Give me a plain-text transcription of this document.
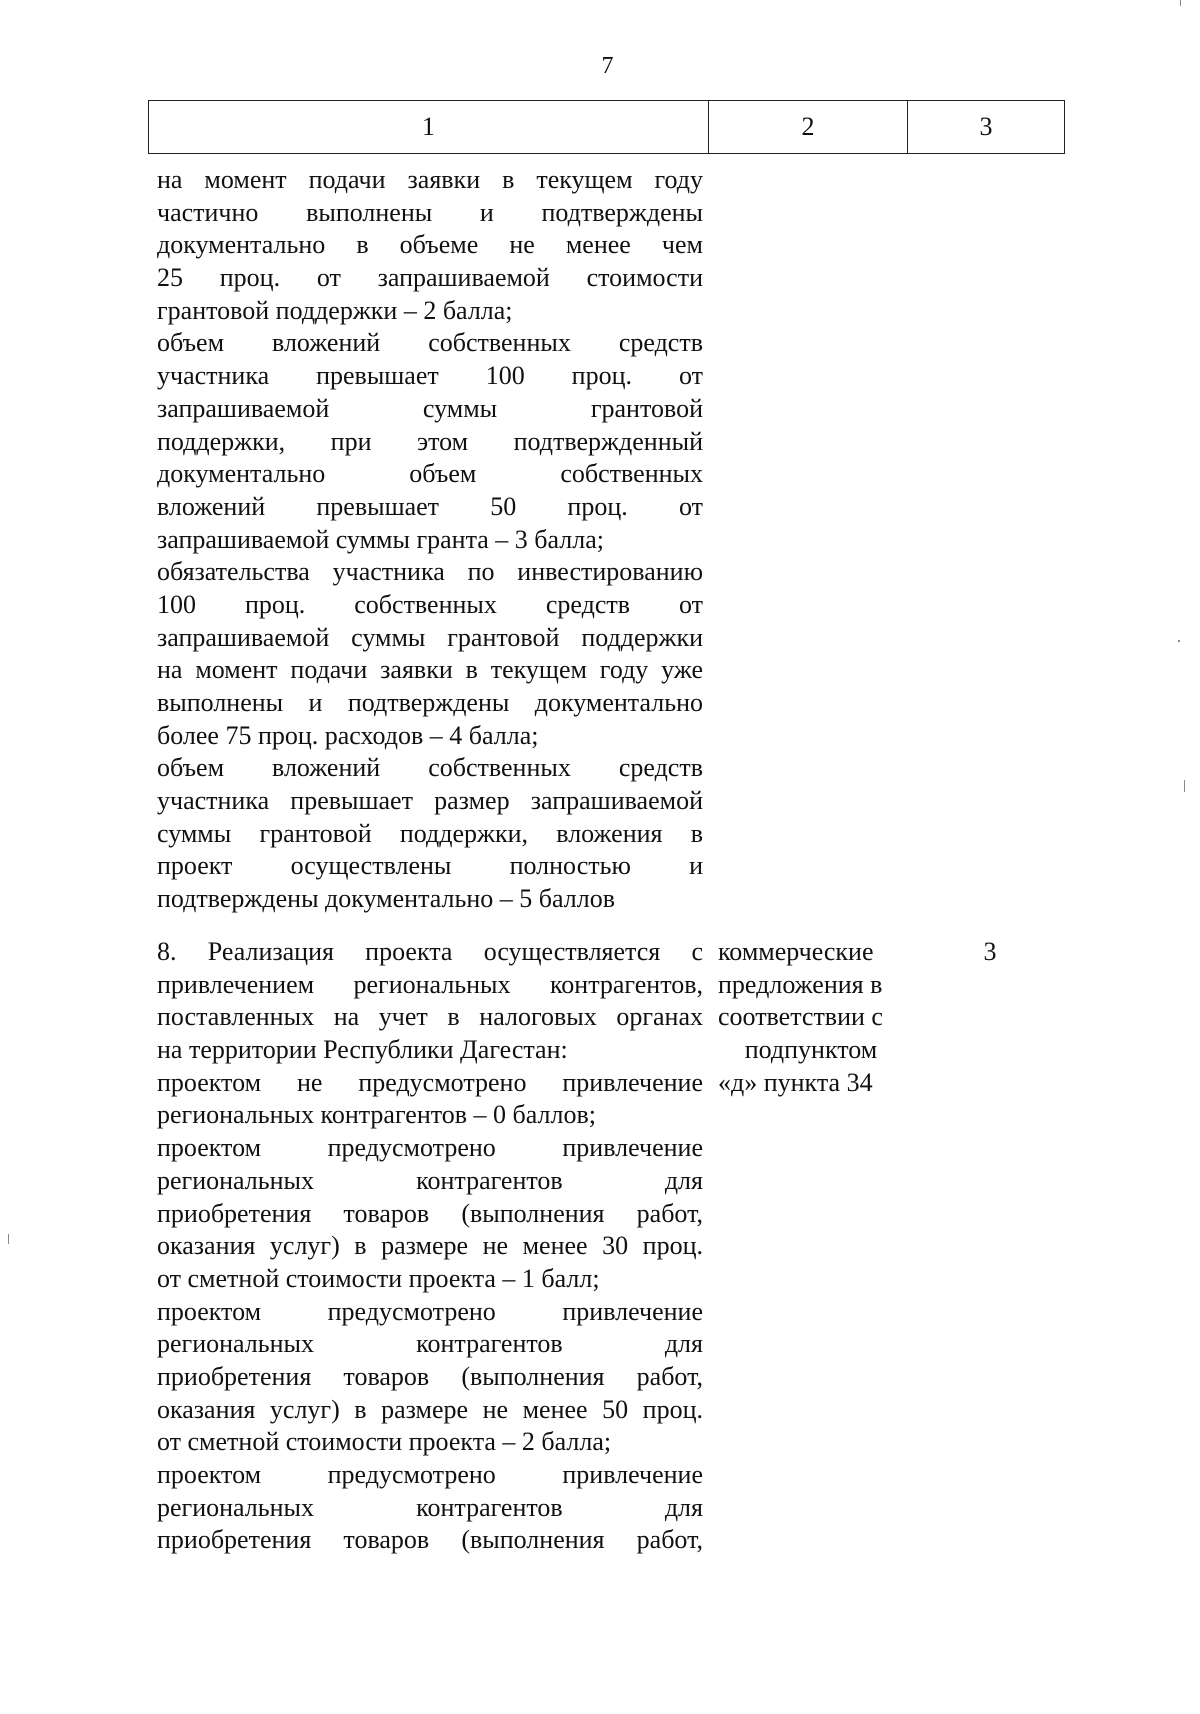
7
1	2	3
на момент подачи заявки в текущем году
частично выполнены и подтверждены
документально в объеме не менее чем
25 проц. от запрашиваемой стоимости
грантовой поддержки – 2 балла;
объем вложений собственных средств
участника превышает 100 проц. от
запрашиваемой суммы грантовой
поддержки, при этом подтвержденный
документально объем собственных
вложений превышает 50 проц. от
запрашиваемой суммы гранта – 3 балла;
обязательства участника по инвестированию
100 проц. собственных средств от
запрашиваемой суммы грантовой поддержки
на момент подачи заявки в текущем году уже
выполнены и подтверждены документально
более 75 проц. расходов – 4 балла;
объем вложений собственных средств
участника превышает размер запрашиваемой
суммы грантовой поддержки, вложения в
проект осуществлены полностью и
подтверждены документально – 5 баллов
8. Реализация проекта осуществляется с
привлечением региональных контрагентов,
поставленных на учет в налоговых органах
на территории Республики Дагестан:
проектом не предусмотрено привлечение
региональных контрагентов – 0 баллов;
проектом предусмотрено привлечение
региональных контрагентов для
приобретения товаров (выполнения работ,
оказания услуг) в размере не менее 30 проц.
от сметной стоимости проекта – 1 балл;
проектом предусмотрено привлечение
региональных контрагентов для
приобретения товаров (выполнения работ,
оказания услуг) в размере не менее 50 проц.
от сметной стоимости проекта – 2 балла;
проектом предусмотрено привлечение
региональных контрагентов для
приобретения товаров (выполнения работ,
коммерческие
предложения в
соответствии с
подпунктом
«д» пункта 34
3
